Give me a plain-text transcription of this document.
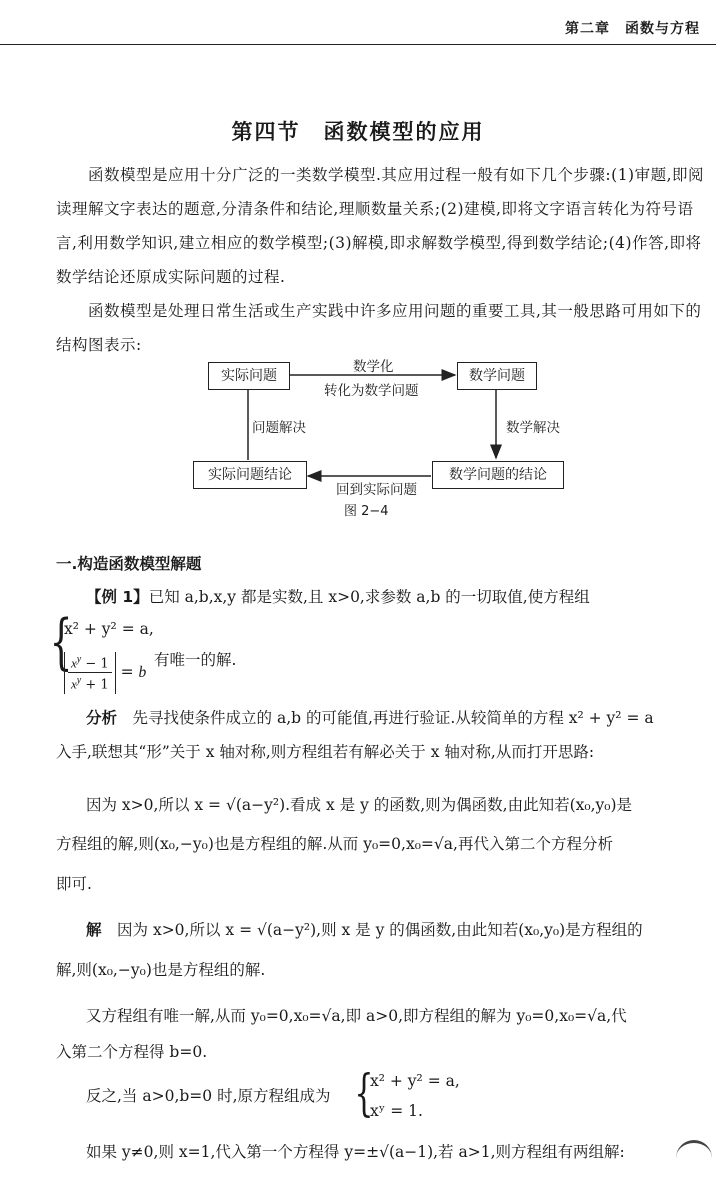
第二章　函数与方程
第四节　函数模型的应用
函数模型是应用十分广泛的一类数学模型.其应用过程一般有如下几个步骤:(1)审题,即阅读理解文字表达的题意,分清条件和结论,理顺数量关系;(2)建模,即将文字语言转化为符号语言,利用数学知识,建立相应的数学模型;(3)解模,即求解数学模型,得到数学结论;(4)作答,即将数学结论还原成实际问题的过程.
函数模型是处理日常生活或生产实践中许多应用问题的重要工具,其一般思路可用如下的结构图表示:
实际问题	数学问题
数学问题的结论
实际问题结论
数学化
转化为数学问题
问题解决	数学解决
回到实际问题
图 2−4
一.构造函数模型解题
【例 1】已知 a,b,x,y 都是实数,且 x>0,求参数 a,b 的一切取值,使方程组
{
x² + y² = a,
$\frac{x^y - 1}{x^y + 1} = b$
有唯一的解.
分析　 先寻找使条件成立的 a,b 的可能值,再进行验证.从较简单的方程 x² + y² = a
入手,联想其“形”关于 x 轴对称,则方程组若有解必关于 x 轴对称,从而打开思路:
因为 x>0,所以 x = √(a−y²).看成 x 是 y 的函数,则为偶函数,由此知若(x₀,y₀)是
方程组的解,则(x₀,−y₀)也是方程组的解.从而 y₀=0,x₀=√a,再代入第二个方程分析
即可.
解　 因为 x>0,所以 x = √(a−y²),则 x 是 y 的偶函数,由此知若(x₀,y₀)是方程组的
解,则(x₀,−y₀)也是方程组的解.
又方程组有唯一解,从而 y₀=0,x₀=√a,即 a>0,即方程组的解为 y₀=0,x₀=√a,代
入第二个方程得 b=0.
反之,当 a>0,b=0 时,原方程组成为 {
x² + y² = a,
xʸ = 1.
如果 y≠0,则 x=1,代入第一个方程得 y=±√(a−1),若 a>1,则方程组有两组解:
